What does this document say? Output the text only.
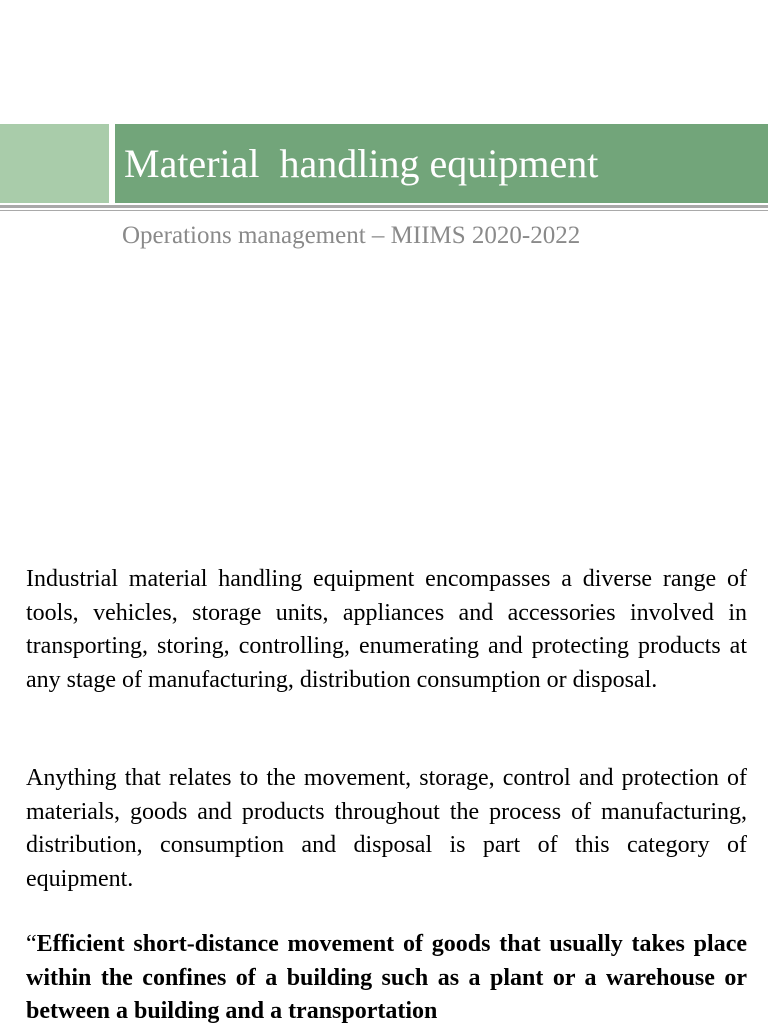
Material  handling equipment

Operations management – MIIMS 2020-2022

Industrial material handling equipment encompasses a diverse range of tools, vehicles, storage units, appliances and accessories involved in transporting, storing, controlling, enumerating and protecting products at any stage of manufacturing, distribution consumption or disposal.

Anything that relates to the movement, storage, control and protection of materials, goods and products throughout the process of manufacturing, distribution, consumption and disposal is part of this category of equipment.

“Efficient short-distance movement of goods that usually takes place within the confines of a building such as a plant or a warehouse or between a building and a transportation
